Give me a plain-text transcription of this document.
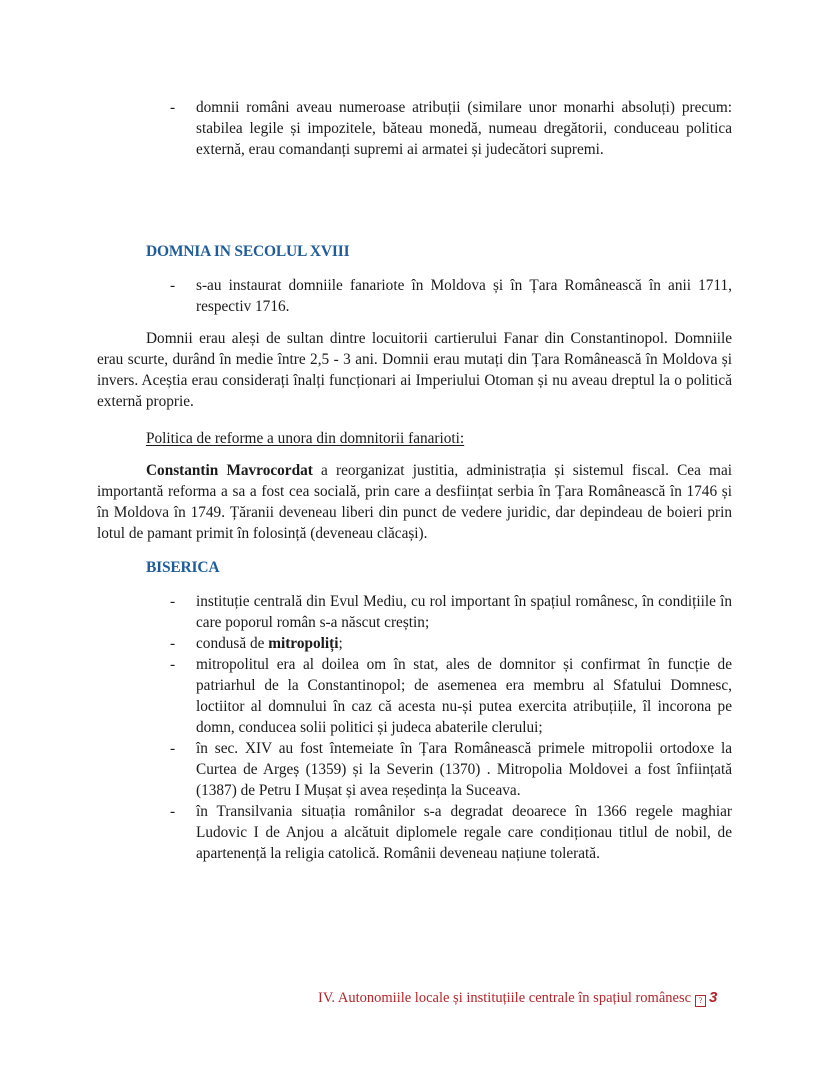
- domnii români aveau numeroase atribuții (similare unor monarhi absoluți) precum: stabilea legile și impozitele, băteau monedă, numeau dregătorii, conduceau politica externă, erau comandanți supremi ai armatei și judecători supremi.
DOMNIA IN SECOLUL XVIII
- s-au instaurat domniile fanariote în Moldova și în Țara Românească în anii 1711, respectiv 1716.

Domnii erau aleși de sultan dintre locuitorii cartierului Fanar din Constantinopol. Domniile erau scurte, durând în medie între 2,5 - 3 ani. Domnii erau mutați din Țara Românească în Moldova și invers. Aceștia erau considerați înalți funcționari ai Imperiului Otoman și nu aveau dreptul la o politică externă proprie.

Politica de reforme a unora din domnitorii fanarioti:

Constantin Mavrocordat a reorganizat justitia, administrația și sistemul fiscal. Cea mai importantă reforma a sa a fost cea socială, prin care a desființat serbia în Țara Românească în 1746 și în Moldova în 1749. Țăranii deveneau liberi din punct de vedere juridic, dar depindeau de boieri prin lotul de pamant primit în folosință (deveneau clăcași).

BISERICA
- instituție centrală din Evul Mediu, cu rol important în spațiul românesc, în condițiile în care poporul român s-a născut creștin;
- condusă de mitropoliți;
- mitropolitul era al doilea om în stat, ales de domnitor și confirmat în funcție de patriarhul de la Constantinopol; de asemenea era membru al Sfatului Domnesc, loctiitor al domnului în caz că acesta nu-și putea exercita atribuțiile, îl incorona pe domn, conducea solii politici și judeca abaterile clerului;
- în sec. XIV au fost întemeiate în Țara Românească primele mitropolii ortodoxe la Curtea de Argeș (1359) și la Severin (1370) . Mitropolia Moldovei a fost înființată (1387) de Petru I Mușat și avea reședința la Suceava.
- în Transilvania situația românilor s-a degradat deoarece în 1366 regele maghiar Ludovic I de Anjou a alcătuit diplomele regale care condiționau titlul de nobil, de apartenență la religia catolică. Românii deveneau națiune tolerată.
IV. Autonomiile locale și instituțiile centrale în spațiul românesc ? 3
